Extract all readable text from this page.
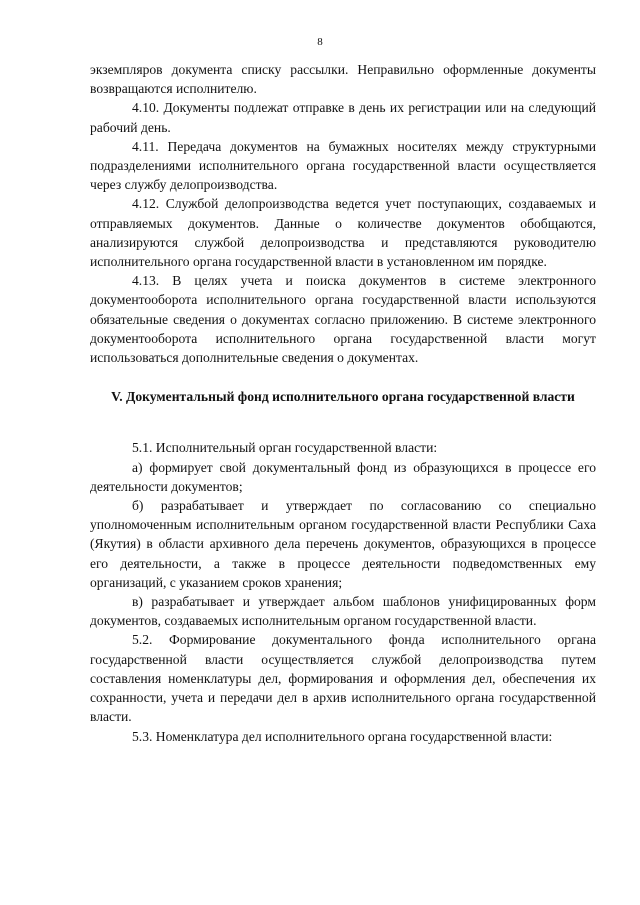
8

экземпляров документа списку рассылки. Неправильно оформленные документы возвращаются исполнителю.

4.10. Документы подлежат отправке в день их регистрации или на следующий рабочий день.

4.11. Передача документов на бумажных носителях между структурными подразделениями исполнительного органа государственной власти осуществляется через службу делопроизводства.

4.12. Службой делопроизводства ведется учет поступающих, создаваемых и отправляемых документов. Данные о количестве документов обобщаются, анализируются службой делопроизводства и представляются руководителю исполнительного органа государственной власти в установленном им порядке.

4.13. В целях учета и поиска документов в системе электронного документооборота исполнительного органа государственной власти используются обязательные сведения о документах согласно приложению. В системе электронного документооборота исполнительного органа государственной власти могут использоваться дополнительные сведения о документах.

V. Документальный фонд исполнительного органа государственной власти

5.1. Исполнительный орган государственной власти:

а) формирует свой документальный фонд из образующихся в процессе его деятельности документов;

б) разрабатывает и утверждает по согласованию со специально уполномоченным исполнительным органом государственной власти Республики Саха (Якутия) в области архивного дела перечень документов, образующихся в процессе его деятельности, а также в процессе деятельности подведомственных ему организаций, с указанием сроков хранения;

в) разрабатывает и утверждает альбом шаблонов унифицированных форм документов, создаваемых исполнительным органом государственной власти.

5.2. Формирование документального фонда исполнительного органа государственной власти осуществляется службой делопроизводства путем составления номенклатуры дел, формирования и оформления дел, обеспечения их сохранности, учета и передачи дел в архив исполнительного органа государственной власти.

5.3. Номенклатура дел исполнительного органа государственной власти:
